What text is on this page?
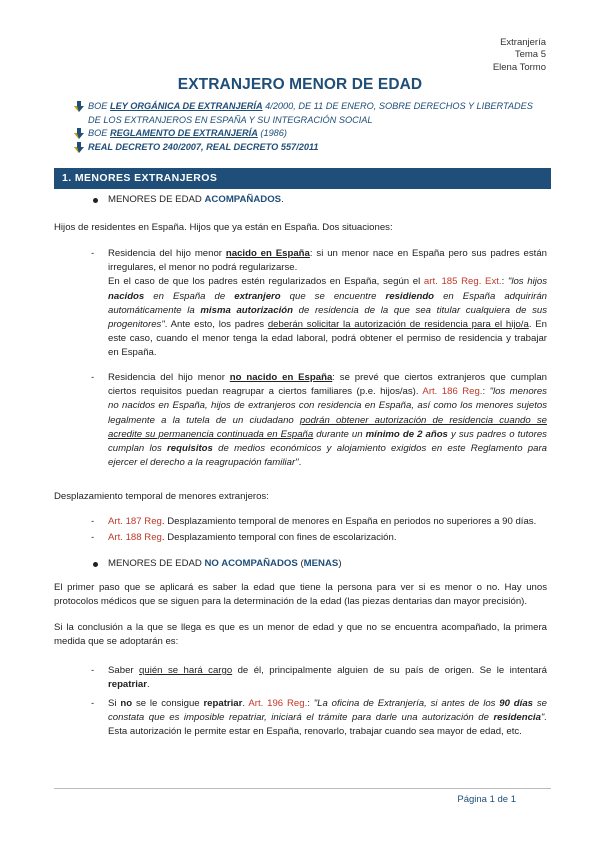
Extranjería
Tema 5
Elena Tormo
EXTRANJERO MENOR DE EDAD
BOE LEY ORGÁNICA DE EXTRANJERÍA 4/2000, DE 11 DE ENERO, SOBRE DERECHOS Y LIBERTADES
DE LOS EXTRANJEROS EN ESPAÑA Y SU INTEGRACIÓN SOCIAL
BOE REGLAMENTO DE EXTRANJERÍA (1986)
REAL DECRETO 240/2007, REAL DECRETO 557/2011
1. MENORES EXTRANJEROS
MENORES DE EDAD ACOMPAÑADOS.
Hijos de residentes en España. Hijos que ya están en España. Dos situaciones:
- Residencia del hijo menor nacido en España: si un menor nace en España pero sus padres están
irregulares, el menor no podrá regularizarse.
En el caso de que los padres estén regularizados en España, según el art. 185 Reg. Ext.: "los hijos
nacidos en España de extranjero que se encuentre residiendo en España adquirirán
automáticamente la misma autorización de residencia de la que sea titular cualquiera de sus
progenitores". Ante esto, los padres deberán solicitar la autorización de residencia para el hijo/a. En
este caso, cuando el menor tenga la edad laboral, podrá obtener el permiso de residencia y trabajar
en España.
- Residencia del hijo menor no nacido en España: se prevé que ciertos extranjeros que cumplan
ciertos requisitos puedan reagrupar a ciertos familiares (p.e. hijos/as). Art. 186 Reg.: "los menores
no nacidos en España, hijos de extranjeros con residencia en España, así como los menores sujetos
legalmente a la tutela de un ciudadano podrán obtener autorización de residencia cuando se
acredite su permanencia continuada en España durante un mínimo de 2 años y sus padres o tutores
cumplan los requisitos de medios económicos y alojamiento exigidos en este Reglamento para
ejercer el derecho a la reagrupación familiar".
Desplazamiento temporal de menores extranjeros:
- Art. 187 Reg. Desplazamiento temporal de menores en España en periodos no superiores a 90 días.
- Art. 188 Reg. Desplazamiento temporal con fines de escolarización.
MENORES DE EDAD NO ACOMPAÑADOS (MENAS)
El primer paso que se aplicará es saber la edad que tiene la persona para ver si es menor o no. Hay unos
protocolos médicos que se siguen para la determinación de la edad (las piezas dentarias dan mayor precisión).
Si la conclusión a la que se llega es que es un menor de edad y que no se encuentra acompañado, la primera
medida que se adoptarán es:
- Saber quién se hará cargo de él, principalmente alguien de su país de origen. Se le intentará
repatriar.
- Si no se le consigue repatriar. Art. 196 Reg.: "La oficina de Extranjería, si antes de los 90 días se
constata que es imposible repatriar, iniciará el trámite para darle una autorización de residencia".
Esta autorización le permite estar en España, renovarlo, trabajar cuando sea mayor de edad, etc.
Página 1 de 1
